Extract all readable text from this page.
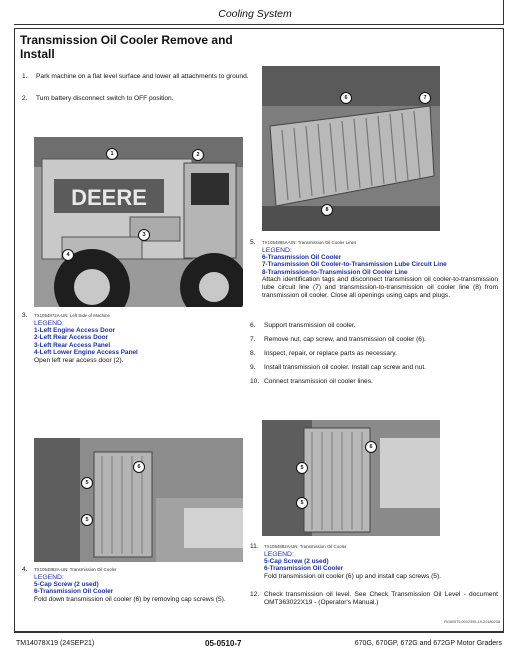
Cooling System
Transmission Oil Cooler Remove and Install
1. Park machine on a flat level surface and lower all attachments to ground.
2. Turn battery disconnect switch to OFF position.
DEERE
1	2
3
4
3. TX1054872A-UN: Left Side of Machine
LEGEND:
1-Left Engine Access Door
2-Left Rear Access Door
3-Left Rear Access Panel
4-Left Lower Engine Access Panel
Open left rear access door (2).
6	7
8
5. TX1054885A-UN: Transmission Oil Cooler Lines
LEGEND:
6-Transmission Oil Cooler
7-Transmission Oil Cooler-to-Transmission Lube Circuit Line
8-Transmission-to-Transmission Oil Cooler Line
Attach identification tags and disconnect transmission oil cooler-to-transmission lube circuit line (7) and transmission-to-transmission oil cooler line (8) from transmission oil cooler. Close all openings using caps and plugs.
6. Support transmission oil cooler.
7. Remove nut, cap screw, and transmission oil cooler (6).
8. Inspect, repair, or replace parts as necessary.
9. Install transmission oil cooler. Install cap screw and nut.
10. Connect transmission oil cooler lines.
6
5
5
4. TX1054882A-UN: Transmission Oil Cooler
LEGEND:
5-Cap Screw (2 used)
6-Transmission Oil Cooler
Fold down transmission oil cooler (6) by removing cap screws (5).
6
5
5
11. TX1054882A-UN: Transmission Oil Cooler
LEGEND:
5-Cap Screw (2 used)
6-Transmission Oil Cooler
Fold transmission oil cooler (6) up and install cap screws (5).
12. Check transmission oil level. See Check Transmission Oil Level - document OMT363022X19 - (Operator's Manual.)
RG60575,0002395-19-20180208
TM14078X19 (24SEP21)	05-0510-7	670G, 670GP, 672G and 672GP Motor Graders
